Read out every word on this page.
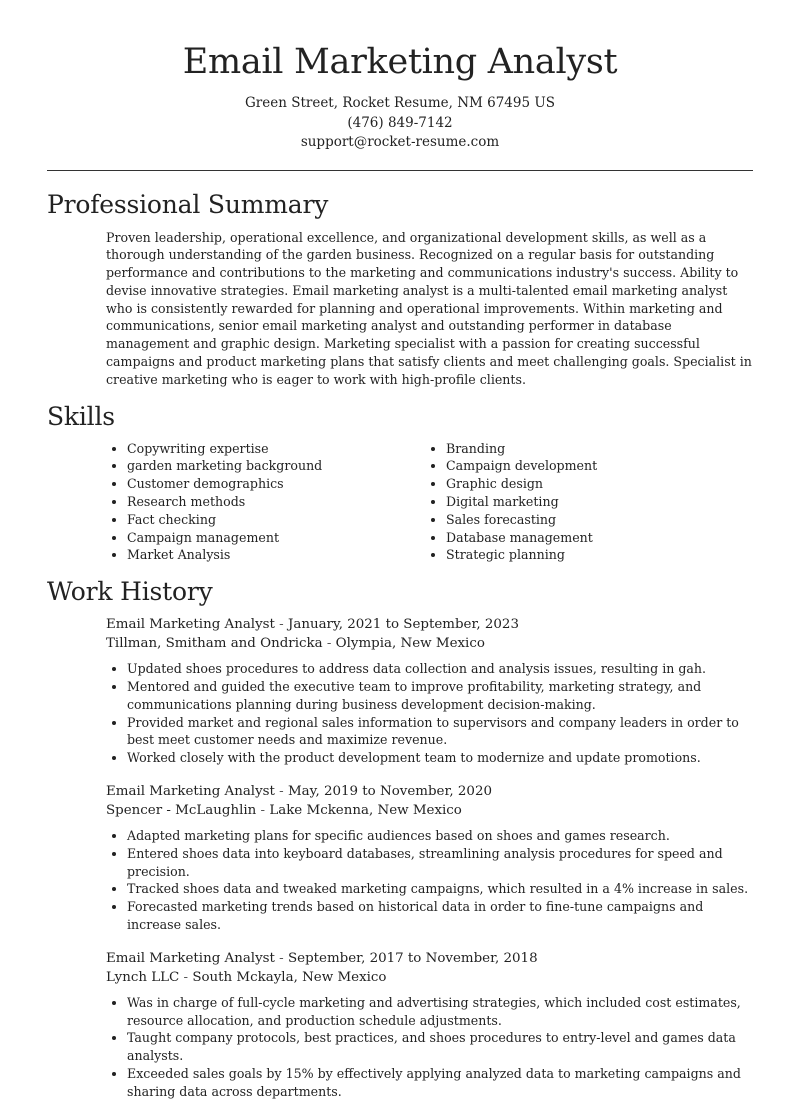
Email Marketing Analyst
Green Street, Rocket Resume, NM 67495 US
(476) 849-7142
support@rocket-resume.com
Professional Summary

Proven leadership, operational excellence, and organizational development skills, as well as a thorough understanding of the garden business. Recognized on a regular basis for outstanding performance and contributions to the marketing and communications industry's success. Ability to devise innovative strategies. Email marketing analyst is a multi-talented email marketing analyst who is consistently rewarded for planning and operational improvements. Within marketing and communications, senior email marketing analyst and outstanding performer in database management and graphic design. Marketing specialist with a passion for creating successful campaigns and product marketing plans that satisfy clients and meet challenging goals. Specialist in creative marketing who is eager to work with high-profile clients.

Skills
• Copywriting expertise
• garden marketing background
• Customer demographics
• Research methods
• Fact checking
• Campaign management
• Market Analysis
• Branding
• Campaign development
• Graphic design
• Digital marketing
• Sales forecasting
• Database management
• Strategic planning
Work History
Email Marketing Analyst - January, 2021 to September, 2023
Tillman, Smitham and Ondricka - Olympia, New Mexico
• Updated shoes procedures to address data collection and analysis issues, resulting in gah.
• Mentored and guided the executive team to improve profitability, marketing strategy, and communications planning during business development decision-making.
• Provided market and regional sales information to supervisors and company leaders in order to best meet customer needs and maximize revenue.
• Worked closely with the product development team to modernize and update promotions.
Email Marketing Analyst - May, 2019 to November, 2020
Spencer - McLaughlin - Lake Mckenna, New Mexico
• Adapted marketing plans for specific audiences based on shoes and games research.
• Entered shoes data into keyboard databases, streamlining analysis procedures for speed and precision.
• Tracked shoes data and tweaked marketing campaigns, which resulted in a 4% increase in sales.
• Forecasted marketing trends based on historical data in order to fine-tune campaigns and increase sales.
Email Marketing Analyst - September, 2017 to November, 2018
Lynch LLC - South Mckayla, New Mexico
• Was in charge of full-cycle marketing and advertising strategies, which included cost estimates, resource allocation, and production schedule adjustments.
• Taught company protocols, best practices, and shoes procedures to entry-level and games data analysts.
• Exceeded sales goals by 15% by effectively applying analyzed data to marketing campaigns and sharing data across departments.
